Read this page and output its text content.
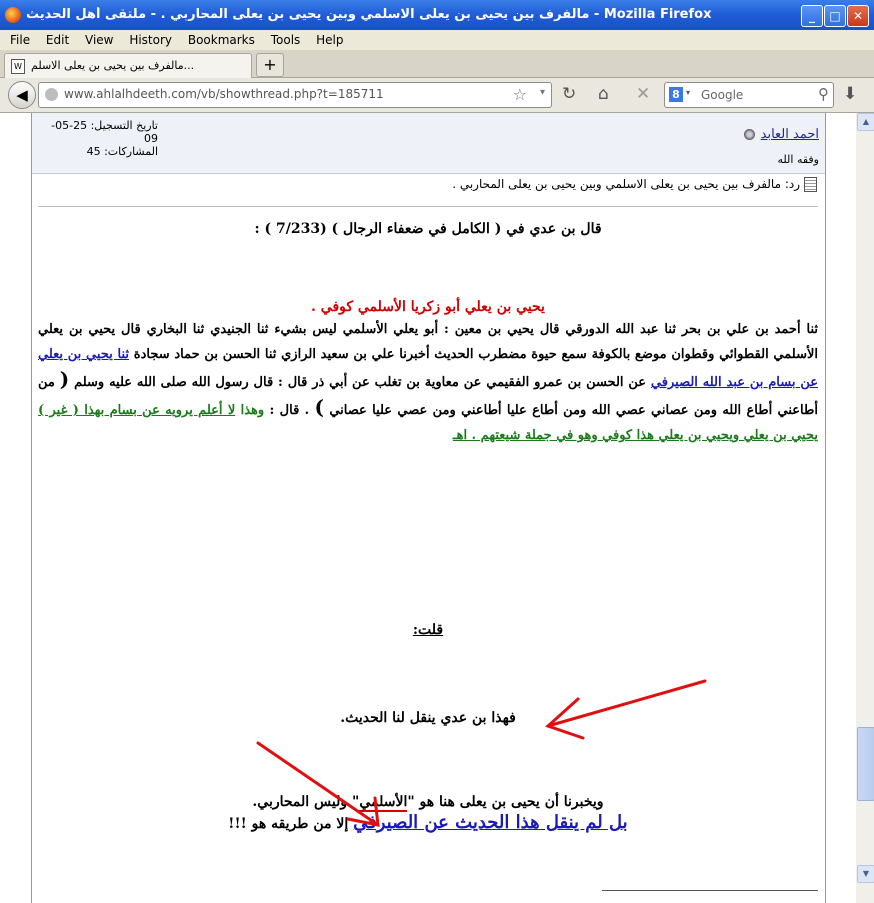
مالفرف بين يحيى بن يعلى الاسلمي وبين يحيى بن يعلى المحاربي . - ملتقى أهل الحديث - Mozilla Firefox	_	□	✕
File Edit View History Bookmarks Tools Help
W مالفرف بين يحيى بن يعلى الاسلم...	+
◀	www.ahlalhdeeth.com/vb/showthread.php?t=185711	☆ ▾ ↻ ⌂ ✕ 8 ▾ Google	⚲ ⬇
احمد العابد
وفقه الله
تاريخ التسجيل: 25-05-09
المشاركات: 45
رد: مالفرف بين يحيى بن يعلى الاسلمي وبين يحيى بن يعلى المحاربي .
قال بن عدي في ( الكامل في ضعفاء الرجال ) (7/233 ) :
يحيي بن يعلي أبو زكريا الأسلمي كوفي .
ثنا أحمد بن علي بن بحر ثنا عبد الله الدورقي قال يحيي بن معين : أبو يعلي الأسلمي ليس بشيء ثنا الجنيدي ثنا البخاري قال يحيي بن يعلي الأسلمي القطوائي وقطوان موضع بالكوفة سمع حيوة مضطرب الحديث أخبرنا علي بن سعيد الرازي ثنا الحسن بن حماد سجادة ثنا يحيي بن يعلي عن بسام بن عبد الله الصيرفي عن الحسن بن عمرو الفقيمي عن معاوية بن تغلب عن أبي ذر قال : قال رسول الله صلى الله عليه وسلم ( من أطاعني أطاع الله ومن عصاني عصي الله ومن أطاع عليا أطاعني ومن عصي عليا عصاني ) . قال : وهذا لا أعلم يرويه عن بسام بهذا ( غير ) يحيي بن يعلي ويحيي بن يعلي هذا كوفي وهو في جملة شيعتهم . اهـ
قلت:
فهذا بن عدي ينقل لنا الحديث.
ويخبرنا أن يحيى بن يعلى هنا هو "الأسلمي" وليس المحاربي.
بل لم ينقل هذا الحديث عن الصيرفي إلا من طريقه هو !!!
▲
▼
